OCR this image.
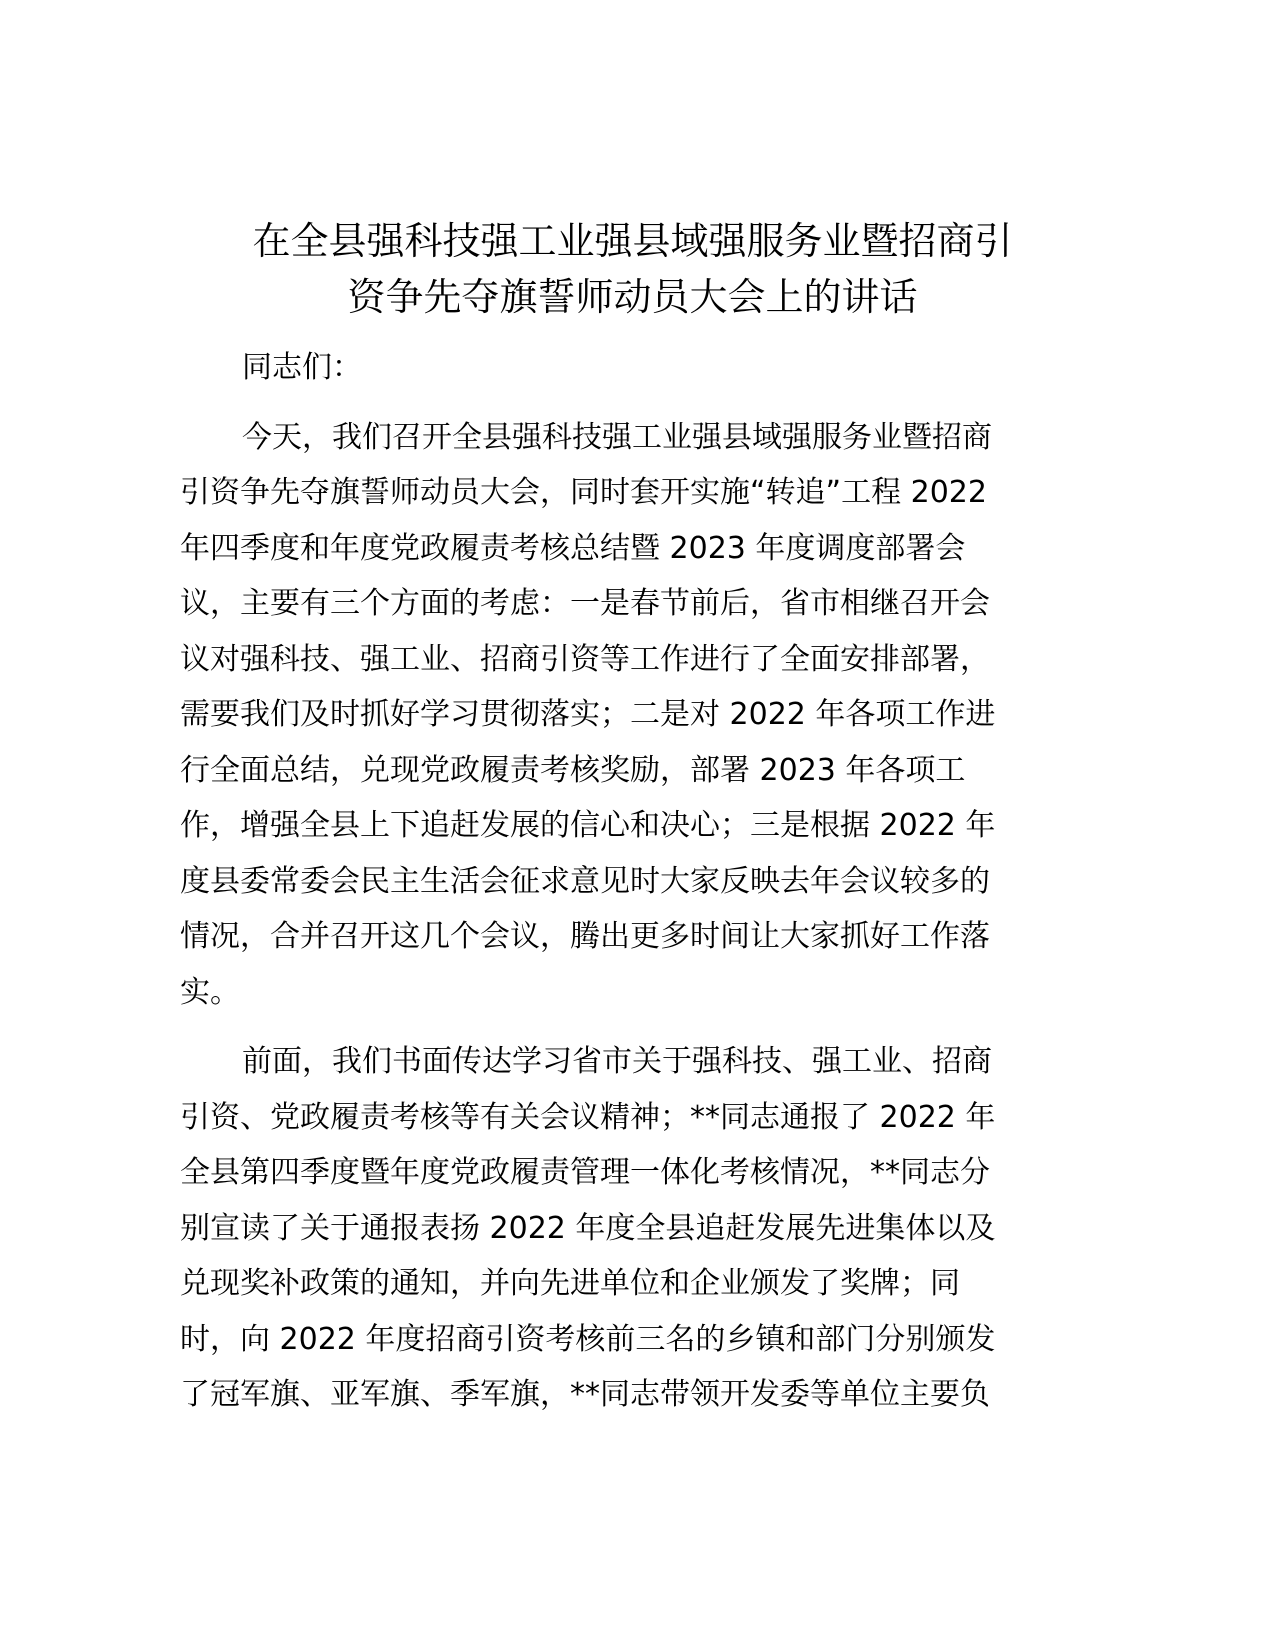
在全县强科技强工业强县域强服务业暨招商引
资争先夺旗誓师动员大会上的讲话
同志们：
今天，我们召开全县强科技强工业强县域强服务业暨招商
引资争先夺旗誓师动员大会，同时套开实施“转追”工程 2022
年四季度和年度党政履责考核总结暨 2023 年度调度部署会
议，主要有三个方面的考虑：一是春节前后，省市相继召开会
议对强科技、强工业、招商引资等工作进行了全面安排部署，
需要我们及时抓好学习贯彻落实；二是对 2022 年各项工作进
行全面总结，兑现党政履责考核奖励，部署 2023 年各项工
作，增强全县上下追赶发展的信心和决心；三是根据 2022 年
度县委常委会民主生活会征求意见时大家反映去年会议较多的
情况，合并召开这几个会议，腾出更多时间让大家抓好工作落
实。
前面，我们书面传达学习省市关于强科技、强工业、招商
引资、党政履责考核等有关会议精神；**同志通报了 2022 年
全县第四季度暨年度党政履责管理一体化考核情况，**同志分
别宣读了关于通报表扬 2022 年度全县追赶发展先进集体以及
兑现奖补政策的通知，并向先进单位和企业颁发了奖牌；同
时，向 2022 年度招商引资考核前三名的乡镇和部门分别颁发
了冠军旗、亚军旗、季军旗，**同志带领开发委等单位主要负
